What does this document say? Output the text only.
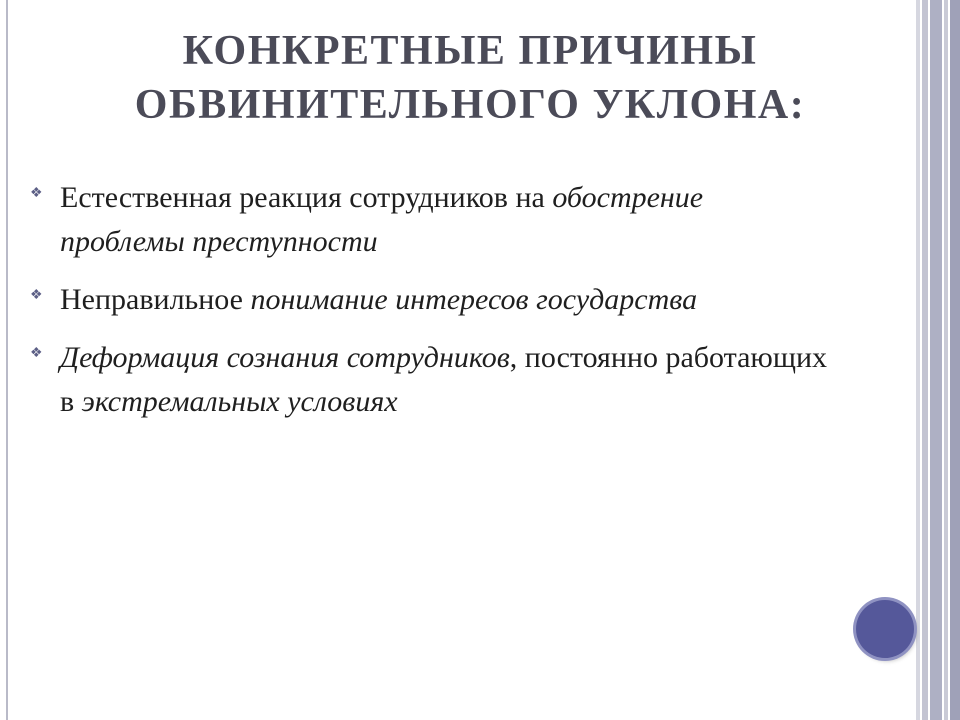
КОНКРЕТНЫЕ ПРИЧИНЫ
ОБВИНИТЕЛЬНОГО УКЛОНА:
❖ Естественная реакция сотрудников на обострение проблемы преступности
❖ Неправильное понимание интересов государства
❖ Деформация сознания сотрудников, постоянно работающих в экстремальных условиях
